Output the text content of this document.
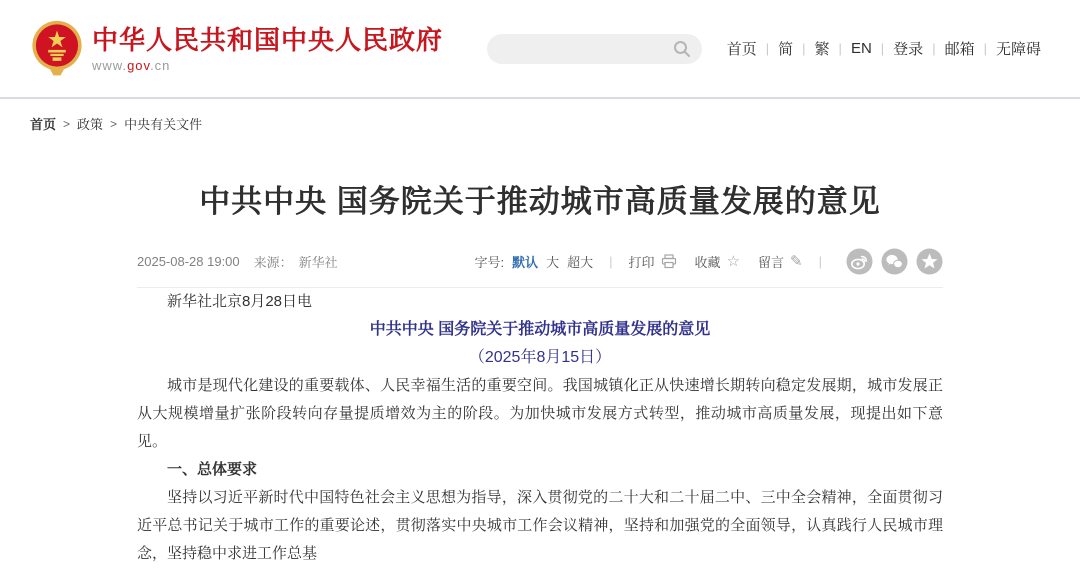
中华人民共和国中央人民政府
www.gov.cn
首页 | 简 | 繁 | EN | 登录 | 邮箱 | 无障碍
首页 > 政策 > 中央有关文件
中共中央 国务院关于推动城市高质量发展的意见
2025-08-28 19:00 来源： 新华社	字号: 默认 大 超大 | 打印	收藏 ☆ 留言 ✎ |

新华社北京8月28日电

中共中央 国务院关于推动城市高质量发展的意见

（2025年8月15日）

城市是现代化建设的重要载体、人民幸福生活的重要空间。我国城镇化正从快速增长期转向稳定发展期，城市发展正从大规模增量扩张阶段转向存量提质增效为主的阶段。为加快城市发展方式转型，推动城市高质量发展，现提出如下意见。

一、总体要求

坚持以习近平新时代中国特色社会主义思想为指导，深入贯彻党的二十大和二十届二中、三中全会精神，全面贯彻习近平总书记关于城市工作的重要论述，贯彻落实中央城市工作会议精神，坚持和加强党的全面领导，认真践行人民城市理念，坚持稳中求进工作总基
